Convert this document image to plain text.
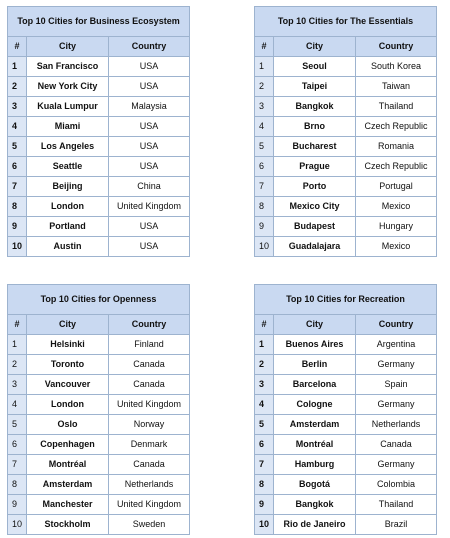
Top 10 Cities for Business Ecosystem		
#	City	Country
1	San Francisco	USA
2	New York City	USA
3	Kuala Lumpur	Malaysia
4	Miami	USA
5	Los Angeles	USA
6	Seattle	USA
7	Beijing	China
8	London	United Kingdom
9	Portland	USA
10	Austin	USA
Top 10 Cities for The Essentials		
#	City	Country
1	Seoul	South Korea
2	Taipei	Taiwan
3	Bangkok	Thailand
4	Brno	Czech Republic
5	Bucharest	Romania
6	Prague	Czech Republic
7	Porto	Portugal
8	Mexico City	Mexico
9	Budapest	Hungary
10	Guadalajara	Mexico
Top 10 Cities for Openness		
#	City	Country
1	Helsinki	Finland
2	Toronto	Canada
3	Vancouver	Canada
4	London	United Kingdom
5	Oslo	Norway
6	Copenhagen	Denmark
7	Montréal	Canada
8	Amsterdam	Netherlands
9	Manchester	United Kingdom
10	Stockholm	Sweden
Top 10 Cities for Recreation		
#	City	Country
1	Buenos Aires	Argentina
2	Berlin	Germany
3	Barcelona	Spain
4	Cologne	Germany
5	Amsterdam	Netherlands
6	Montréal	Canada
7	Hamburg	Germany
8	Bogotá	Colombia
9	Bangkok	Thailand
10	Rio de Janeiro	Brazil
